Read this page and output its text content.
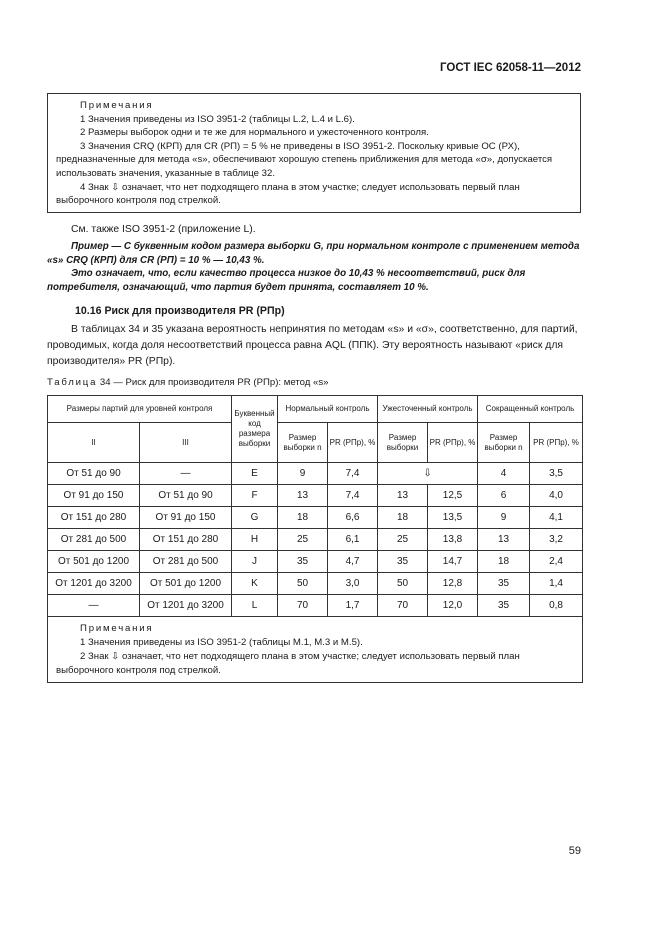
ГОСТ IEC 62058-11—2012

Примечания

1 Значения приведены из ISO 3951-2 (таблицы L.2, L.4 и L.6).

2 Размеры выборок одни и те же для нормального и ужесточенного контроля.

3 Значения CRQ (КРП) для CR (РП) = 5 % не приведены в ISO 3951-2. Поскольку кривые ОС (РХ), предназначенные для метода «s», обеспечивают хорошую степень приближения для метода «σ», допускается использовать значения, указанные в таблице 32.

4 Знак ⇩ означает, что нет подходящего плана в этом участке; следует использовать первый план выборочного контроля под стрелкой.

См. также ISO 3951-2 (приложение L).

Пример — С буквенным кодом размера выборки G, при нормальном контроле с применением метода «s» CRQ (КРП) для CR (РП) = 10 % — 10,43 %.

Это означает, что, если качество процесса низкое до 10,43 % несоответствий, риск для потребителя, означающий, что партия будет принята, составляет 10 %.

10.16 Риск для производителя PR (РПр)

В таблицах 34 и 35 указана вероятность непринятия по методам «s» и «σ», соответственно, для партий, проводимых, когда доля несоответствий процесса равна AQL (ППК). Эту вероятность называют «риск для производителя» PR (РПр).

Таблица 34 — Риск для производителя PR (РПр): метод «s»
Размеры партий для уровней контроля		Буквенный код размера выборки	Нормальный контроль		Ужесточенный контроль		Сокращенный контроль	
II	III		Размер выборки n	PR (РПр), %	Размер выборки	PR (РПр), %	Размер выборки n	PR (РПр), %
От 51 до 90	—	E	9	7,4	⇩		4	3,5
От 91 до 150	От 51 до 90	F	13	7,4	13	12,5	6	4,0
От 151 до 280	От 91 до 150	G	18	6,6	18	13,5	9	4,1
От 281 до 500	От 151 до 280	H	25	6,1	25	13,8	13	3,2
От 501 до 1200	От 281 до 500	J	35	4,7	35	14,7	18	2,4
От 1201 до 3200	От 501 до 1200	K	50	3,0	50	12,8	35	1,4
—	От 1201 до 3200	L	70	1,7	70	12,0	35	0,8

Примечания
1 Значения приведены из ISO 3951-2 (таблицы M.1, M.3 и M.5).
2 Знак ⇩ означает, что нет подходящего плана в этом участке; следует использовать первый план выборочного контроля под стрелкой.								
59
